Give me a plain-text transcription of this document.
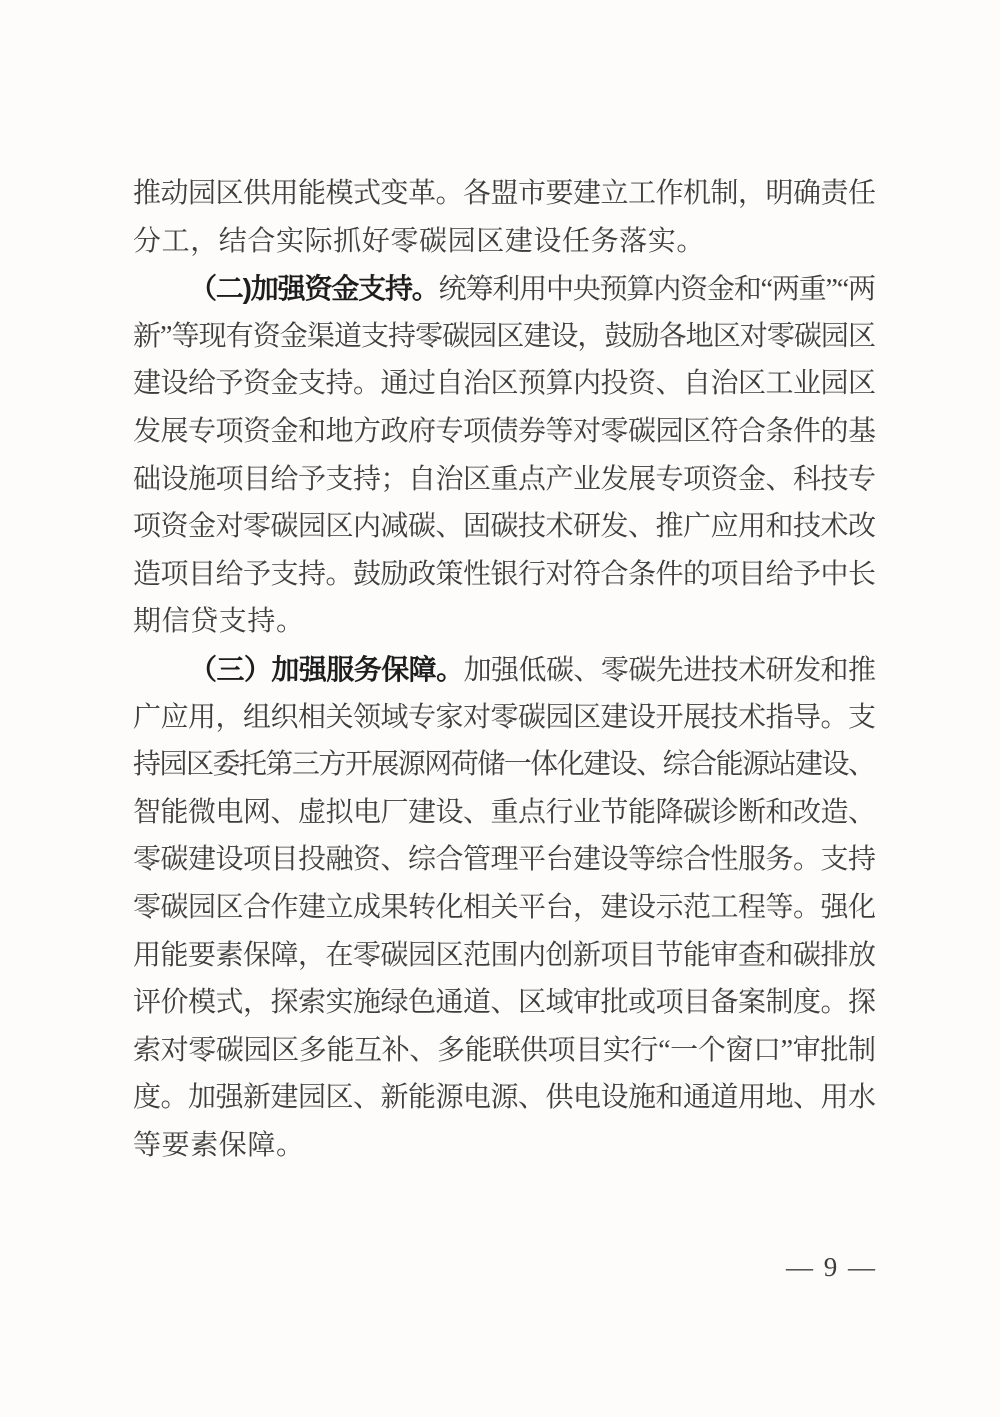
推动园区供用能模式变革。各盟市要建立工作机制，明确责任
分工，结合实际抓好零碳园区建设任务落实。
（二)加强资金支持。统筹利用中央预算内资金和“两重”“两
新”等现有资金渠道支持零碳园区建设，鼓励各地区对零碳园区
建设给予资金支持。通过自治区预算内投资、自治区工业园区
发展专项资金和地方政府专项债券等对零碳园区符合条件的基
础设施项目给予支持；自治区重点产业发展专项资金、科技专
项资金对零碳园区内减碳、固碳技术研发、推广应用和技术改
造项目给予支持。鼓励政策性银行对符合条件的项目给予中长
期信贷支持。
（三）加强服务保障。加强低碳、零碳先进技术研发和推
广应用，组织相关领域专家对零碳园区建设开展技术指导。支
持园区委托第三方开展源网荷储一体化建设、综合能源站建设、
智能微电网、虚拟电厂建设、重点行业节能降碳诊断和改造、
零碳建设项目投融资、综合管理平台建设等综合性服务。支持
零碳园区合作建立成果转化相关平台，建设示范工程等。强化
用能要素保障，在零碳园区范围内创新项目节能审查和碳排放
评价模式，探索实施绿色通道、区域审批或项目备案制度。探
索对零碳园区多能互补、多能联供项目实行“一个窗口”审批制
度。加强新建园区、新能源电源、供电设施和通道用地、用水
等要素保障。
— 9 —
